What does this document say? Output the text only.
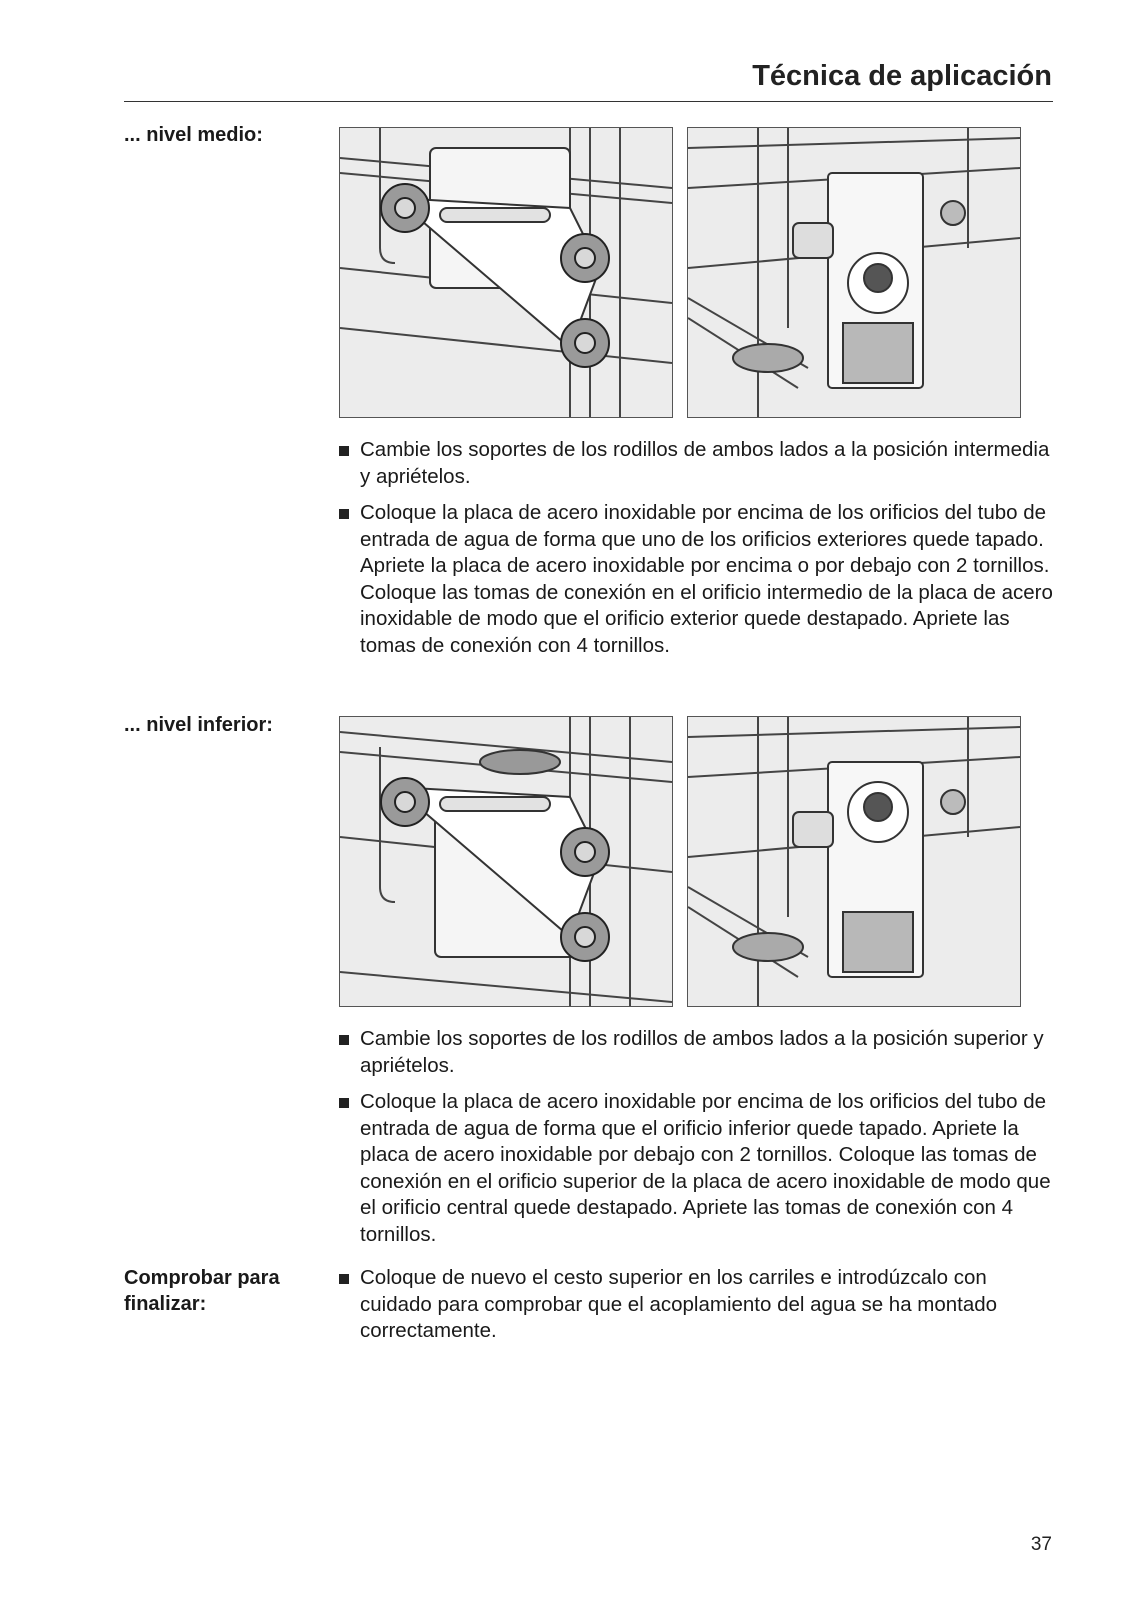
Técnica de aplicación
... nivel medio:
Cambie los soportes de los rodillos de ambos lados a la posición intermedia y apriételos.
Coloque la placa de acero inoxidable por encima de los orificios del tubo de entrada de agua de forma que uno de los orificios exteriores quede tapado. Apriete la placa de acero inoxidable por encima o por debajo con 2 tornillos. Coloque las tomas de conexión en el orificio intermedio de la placa de acero inoxidable de modo que el orificio exterior quede destapado. Apriete las tomas de conexión con 4 tornillos.
... nivel inferior:
Cambie los soportes de los rodillos de ambos lados a la posición superior y apriételos.
Coloque la placa de acero inoxidable por encima de los orificios del tubo de entrada de agua de forma que el orificio inferior quede tapado. Apriete la placa de acero inoxidable por debajo con 2 tornillos. Coloque las tomas de conexión en el orificio superior de la placa de acero inoxidable de modo que el orificio central quede destapado. Apriete las tomas de conexión con 4 tornillos.
Comprobar para finalizar:
Coloque de nuevo el cesto superior en los carriles e introdúzcalo con cuidado para comprobar que el acoplamiento del agua se ha montado correctamente.
37
